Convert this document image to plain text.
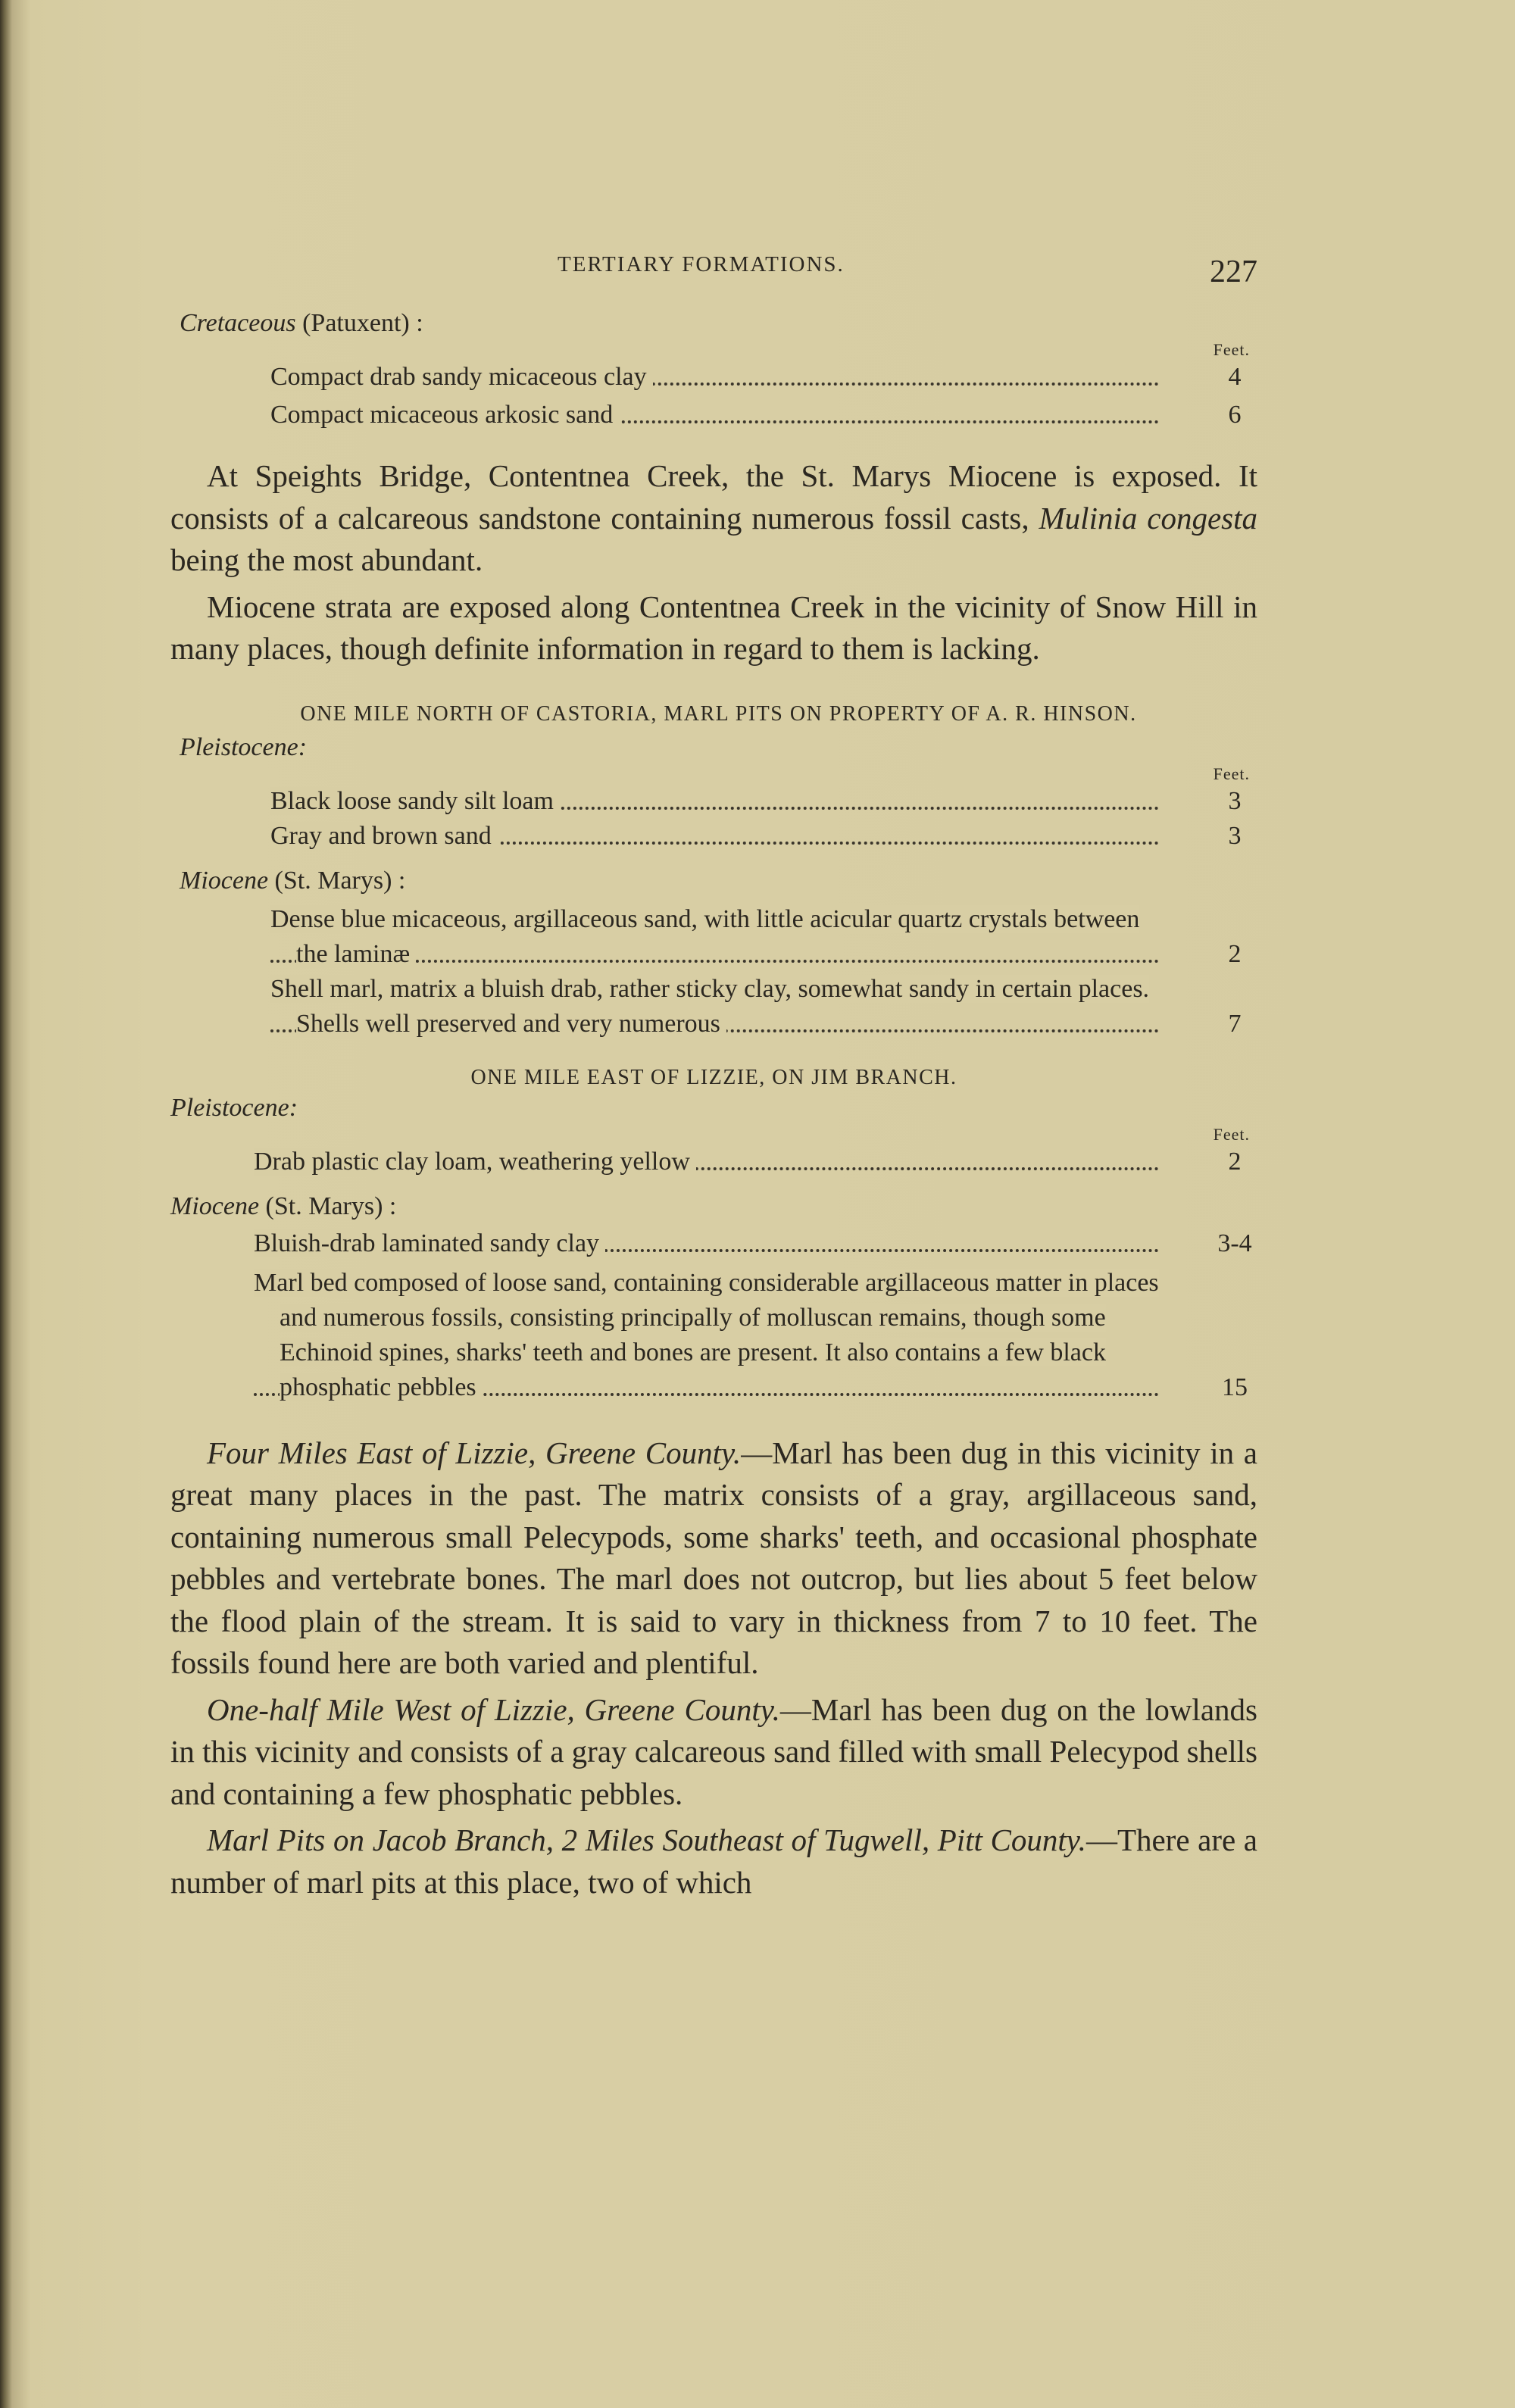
TERTIARY FORMATIONS.	227
Cretaceous (Patuxent) :
Feet.
Compact drab sandy micaceous clay	4
Compact micaceous arkosic sand	6
At Speights Bridge, Contentnea Creek, the St. Marys Miocene is exposed. It consists of a calcareous sandstone containing numerous fossil casts, Mulinia congesta being the most abundant.
Miocene strata are exposed along Contentnea Creek in the vicinity of Snow Hill in many places, though definite information in regard to them is lacking.
ONE MILE NORTH OF CASTORIA, MARL PITS ON PROPERTY OF A. R. HINSON.
Pleistocene:
Feet.
Black loose sandy silt loam	3
Gray and brown sand	3
Miocene (St. Marys) :
Dense blue micaceous, argillaceous sand, with little acicular quartz crystals between the laminæ	2
Shell marl, matrix a bluish drab, rather sticky clay, somewhat sandy in certain places. Shells well preserved and very numerous	7
ONE MILE EAST OF LIZZIE, ON JIM BRANCH.
Pleistocene:
Feet.
Drab plastic clay loam, weathering yellow	2
Miocene (St. Marys) :
Bluish-drab laminated sandy clay	3-4
Marl bed composed of loose sand, containing considerable argillaceous matter in places and numerous fossils, consisting principally of molluscan remains, though some Echinoid spines, sharks' teeth and bones are present. It also contains a few black phosphatic pebbles	15
Four Miles East of Lizzie, Greene County.—Marl has been dug in this vicinity in a great many places in the past. The matrix consists of a gray, argillaceous sand, containing numerous small Pelecypods, some sharks' teeth, and occasional phosphate pebbles and vertebrate bones. The marl does not outcrop, but lies about 5 feet below the flood plain of the stream. It is said to vary in thickness from 7 to 10 feet. The fossils found here are both varied and plentiful.
One-half Mile West of Lizzie, Greene County.—Marl has been dug on the lowlands in this vicinity and consists of a gray calcareous sand filled with small Pelecypod shells and containing a few phosphatic pebbles.
Marl Pits on Jacob Branch, 2 Miles Southeast of Tugwell, Pitt County.—There are a number of marl pits at this place, two of which
